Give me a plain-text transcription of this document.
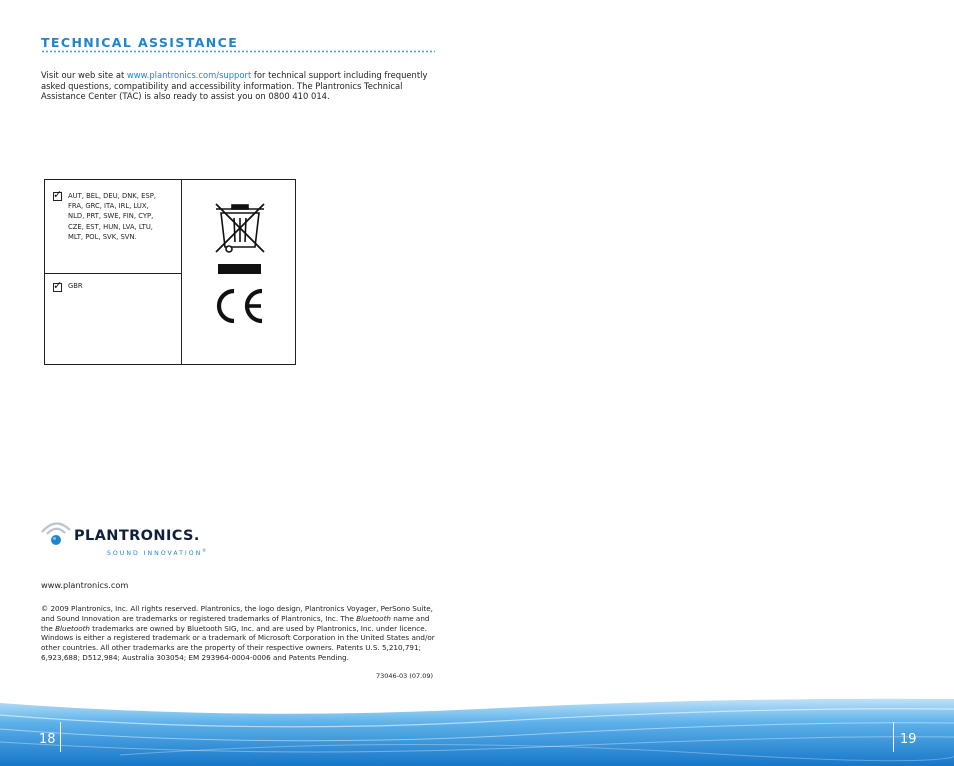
TECHNICAL ASSISTANCE
Visit our web site at www.plantronics.com/support for technical support including frequently asked questions, compatibility and accessibility information. The Plantronics Technical Assistance Center (TAC) is also ready to assist you on 0800 410 014.
✓ AUT, BEL, DEU, DNK, ESP,
FRA, GRC, ITA, IRL, LUX,
NLD, PRT, SWE, FIN, CYP,
CZE, EST, HUN, LVA, LTU,
MLT, POL, SVK, SVN.
✓ GBR
PLANTRONICS.
SOUND INNOVATION®
www.plantronics.com
© 2009 Plantronics, Inc. All rights reserved. Plantronics, the logo design, Plantronics Voyager, PerSono Suite, and Sound Innovation are trademarks or registered trademarks of Plantronics, Inc. The Bluetooth name and the Bluetooth trademarks are owned by Bluetooth SIG, Inc. and are used by Plantronics, Inc. under licence. Windows is either a registered trademark or a trademark of Microsoft Corporation in the United States and/or other countries. All other trademarks are the property of their respective owners. Patents U.S. 5,210,791; 6,923,688; D512,984; Australia 303054; EM 293964-0004-0006 and Patents Pending.
73046-03 (07.09)
18	19
